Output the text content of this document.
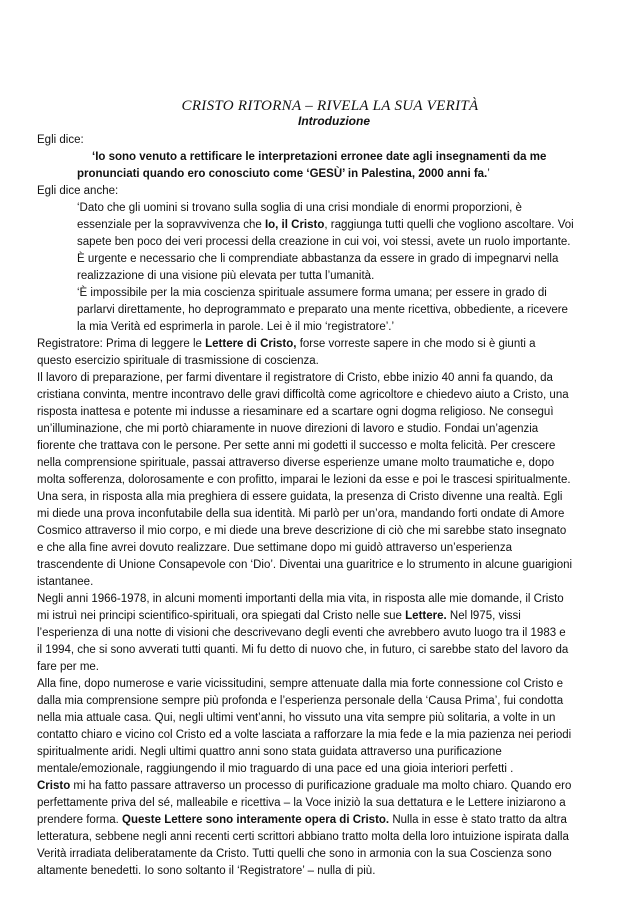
CRISTO RITORNA – RIVELA LA SUA VERITÀ
Introduzione

Egli dice:

‘Io sono venuto a rettificare le interpretazioni erronee date agli insegnamenti da me

pronunciati quando ero conosciuto come ‘GESÙ’ in Palestina, 2000 anni fa.’

Egli dice anche:

‘Dato che gli uomini si trovano sulla soglia di una crisi mondiale di enormi proporzioni, è

essenziale per la sopravvivenza che Io, il Cristo, raggiunga tutti quelli che vogliono ascoltare. Voi

sapete ben poco dei veri processi della creazione in cui voi, voi stessi, avete un ruolo importante.

È urgente e necessario che li comprendiate abbastanza da essere in grado di impegnarvi nella

realizzazione di una visione più elevata per tutta l’umanità.

‘È impossibile per la mia coscienza spirituale assumere forma umana; per essere in grado di

parlarvi direttamente, ho deprogrammato e preparato una mente ricettiva, obbediente, a ricevere

la mia Verità ed esprimerla in parole. Lei è il mio ‘registratore’.’

Registratore: Prima di leggere le Lettere di Cristo, forse vorreste sapere in che modo si è giunti a

questo esercizio spirituale di trasmissione di coscienza.

Il lavoro di preparazione, per farmi diventare il registratore di Cristo, ebbe inizio 40 anni fa quando, da

cristiana convinta, mentre incontravo delle gravi difficoltà come agricoltore e chiedevo aiuto a Cristo, una

risposta inattesa e potente mi indusse a riesaminare ed a scartare ogni dogma religioso. Ne conseguì

un’illuminazione, che mi portò chiaramente in nuove direzioni di lavoro e studio. Fondai un’agenzia

fiorente che trattava con le persone. Per sette anni mi godetti il successo e molta felicità. Per crescere

nella comprensione spirituale, passai attraverso diverse esperienze umane molto traumatiche e, dopo

molta sofferenza, dolorosamente e con profitto, imparai le lezioni da esse e poi le trascesi spiritualmente.

Una sera, in risposta alla mia preghiera di essere guidata, la presenza di Cristo divenne una realtà. Egli

mi diede una prova inconfutabile della sua identità. Mi parlò per un’ora, mandando forti ondate di Amore

Cosmico attraverso il mio corpo, e mi diede una breve descrizione di ciò che mi sarebbe stato insegnato

e che alla fine avrei dovuto realizzare. Due settimane dopo mi guidò attraverso un’esperienza

trascendente di Unione Consapevole con ‘Dio’. Diventai una guaritrice e lo strumento in alcune guarigioni

istantanee.

Negli anni 1966-1978, in alcuni momenti importanti della mia vita, in risposta alle mie domande, il Cristo

mi istruì nei principi scientifico-spirituali, ora spiegati dal Cristo nelle sue Lettere. Nel l975, vissi

l’esperienza di una notte di visioni che descrivevano degli eventi che avrebbero avuto luogo tra il 1983 e

il 1994, che si sono avverati tutti quanti. Mi fu detto di nuovo che, in futuro, ci sarebbe stato del lavoro da

fare per me.

Alla fine, dopo numerose e varie vicissitudini, sempre attenuate dalla mia forte connessione col Cristo e

dalla mia comprensione sempre più profonda e l’esperienza personale della ‘Causa Prima’, fui condotta

nella mia attuale casa. Qui, negli ultimi vent’anni, ho vissuto una vita sempre più solitaria, a volte in un

contatto chiaro e vicino col Cristo ed a volte lasciata a rafforzare la mia fede e la mia pazienza nei periodi

spiritualmente aridi. Negli ultimi quattro anni sono stata guidata attraverso una purificazione

mentale/emozionale, raggiungendo il mio traguardo di una pace ed una gioia interiori perfetti .

Cristo mi ha fatto passare attraverso un processo di purificazione graduale ma molto chiaro. Quando ero

perfettamente priva del sé, malleabile e ricettiva – la Voce iniziò la sua dettatura e le Lettere iniziarono a

prendere forma. Queste Lettere sono interamente opera di Cristo. Nulla in esse è stato tratto da altra

letteratura, sebbene negli anni recenti certi scrittori abbiano tratto molta della loro intuizione ispirata dalla

Verità irradiata deliberatamente da Cristo. Tutti quelli che sono in armonia con la sua Coscienza sono

altamente benedetti. Io sono soltanto il ‘Registratore’ – nulla di più.
